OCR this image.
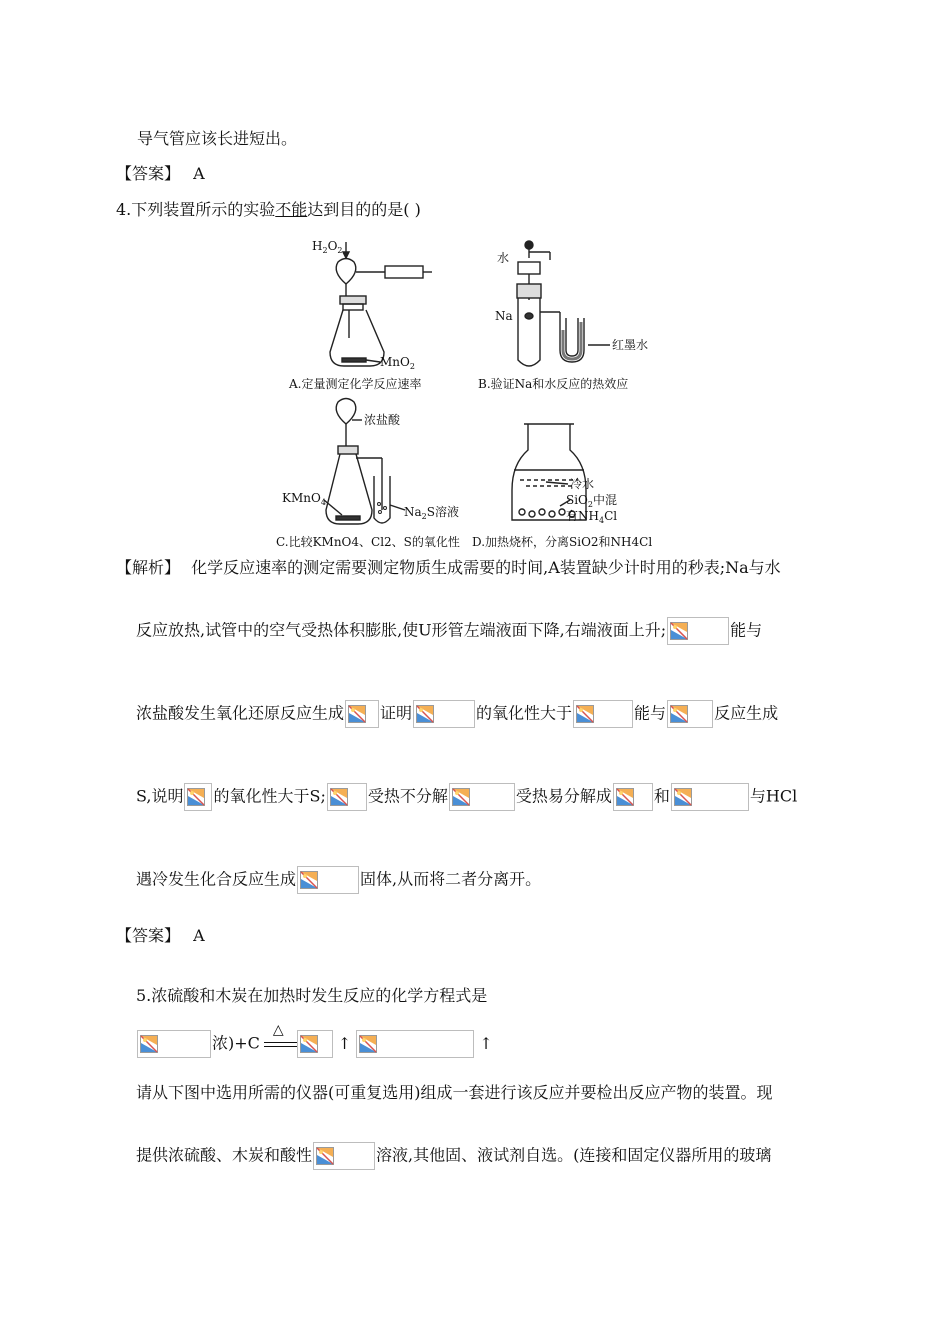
导气管应该长进短出。
【答案】 A
4.下列装置所示的实验不能达到目的的是( )
$H_2O_2$
MnO$_2$
A.定量测定化学反应速率
水
Na
红墨水
B.验证Na和水反应的热效应
浓盐酸
KMnO$_4$
$Na_2S$溶液
C.比较KMnO4、Cl2、S的氧化性
冷水
SiO$_2$中混
有$NH_4Cl$
D.加热烧杯，分离SiO2和NH4Cl
【解析】 化学反应速率的测定需要测定物质生成需要的时间,A装置缺少计时用的秒表;Na与水
反应放热,试管中的空气受热体积膨胀,使U形管左端液面下降,右端液面上升;	能与
浓盐酸发生氧化还原反应生成 证明	的氧化性大于	能与	反应生成
S,说明 的氧化性大于S;	受热不分解	受热易分解成	和	与HCl
遇冷发生化合反应生成	固体,从而将二者分离开。
【答案】 A
5.浓硫酸和木炭在加热时发生反应的化学方程式是
浓)+C
△
↑	↑
请从下图中选用所需的仪器(可重复选用)组成一套进行该反应并要检出反应产物的装置。现
提供浓硫酸、木炭和酸性	溶液,其他固、液试剂自选。(连接和固定仪器所用的玻璃
